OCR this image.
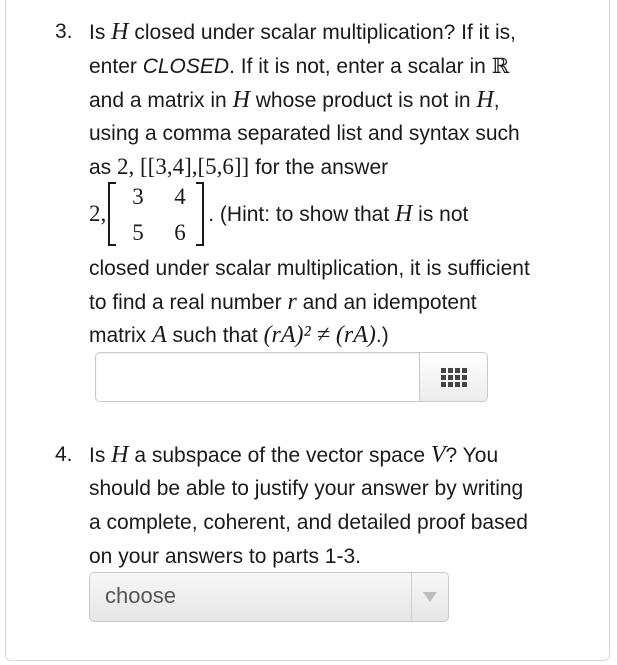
3. Is H closed under scalar multiplication? If it is,
enter CLOSED. If it is not, enter a scalar in ℝ
and a matrix in H whose product is not in H,
using a comma separated list and syntax such
as 2, [[3,4],[5,6]] for the answer
2,
3 4
5 6
. (Hint: to show that H is not
closed under scalar multiplication, it is sufficient
to find a real number r and an idempotent
matrix A such that (rA)² ≠ (rA).)
4. Is H a subspace of the vector space V? You
should be able to justify your answer by writing
a complete, coherent, and detailed proof based
on your answers to parts 1-3.
choose
